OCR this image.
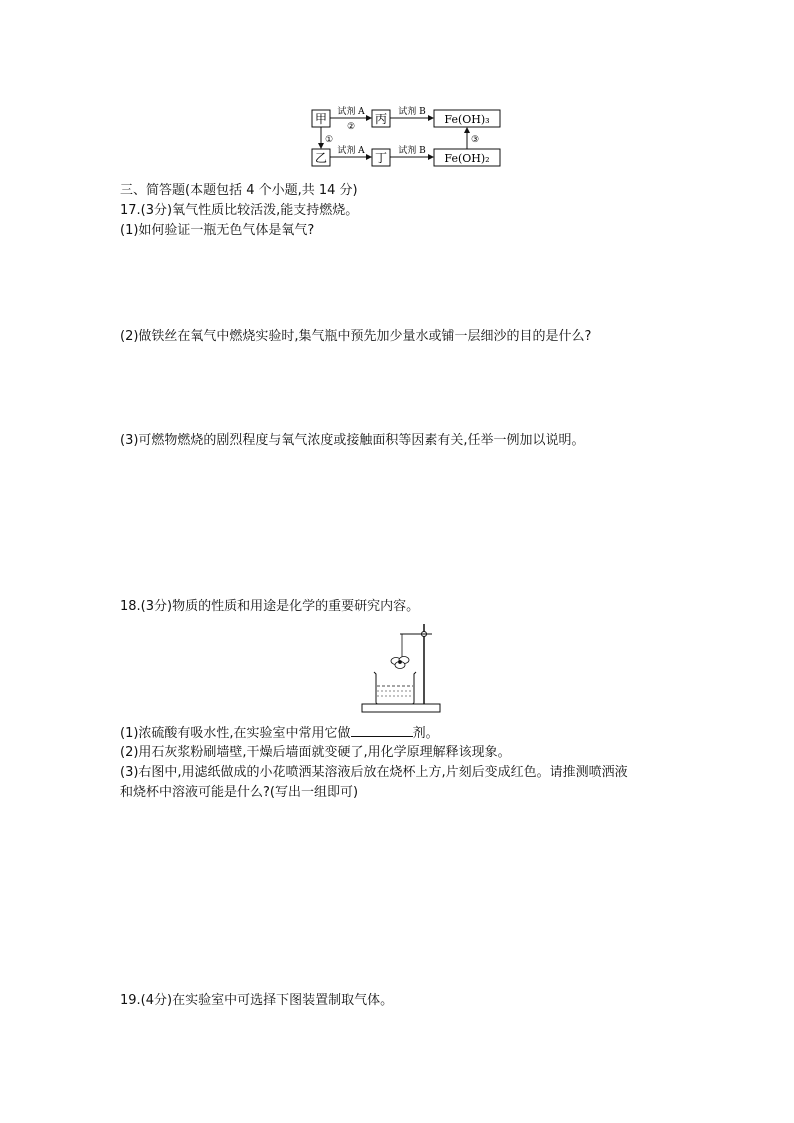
甲	丙	Fe(OH)₃
乙	丁	Fe(OH)₂
试剂 A
②
试剂 B
试剂 A	试剂 B
①	③
三、简答题(本题包括 4 个小题,共 14 分)
17.(3分)氧气性质比较活泼,能支持燃烧。
(1)如何验证一瓶无色气体是氧气?
(2)做铁丝在氧气中燃烧实验时,集气瓶中预先加少量水或铺一层细沙的目的是什么?
(3)可燃物燃烧的剧烈程度与氧气浓度或接触面积等因素有关,任举一例加以说明。
18.(3分)物质的性质和用途是化学的重要研究内容。
(1)浓硫酸有吸水性,在实验室中常用它做	剂。
(2)用石灰浆粉刷墙壁,干燥后墙面就变硬了,用化学原理解释该现象。
(3)右图中,用滤纸做成的小花喷洒某溶液后放在烧杯上方,片刻后变成红色。请推测喷洒液
和烧杯中溶液可能是什么?(写出一组即可)
19.(4分)在实验室中可选择下图装置制取气体。
